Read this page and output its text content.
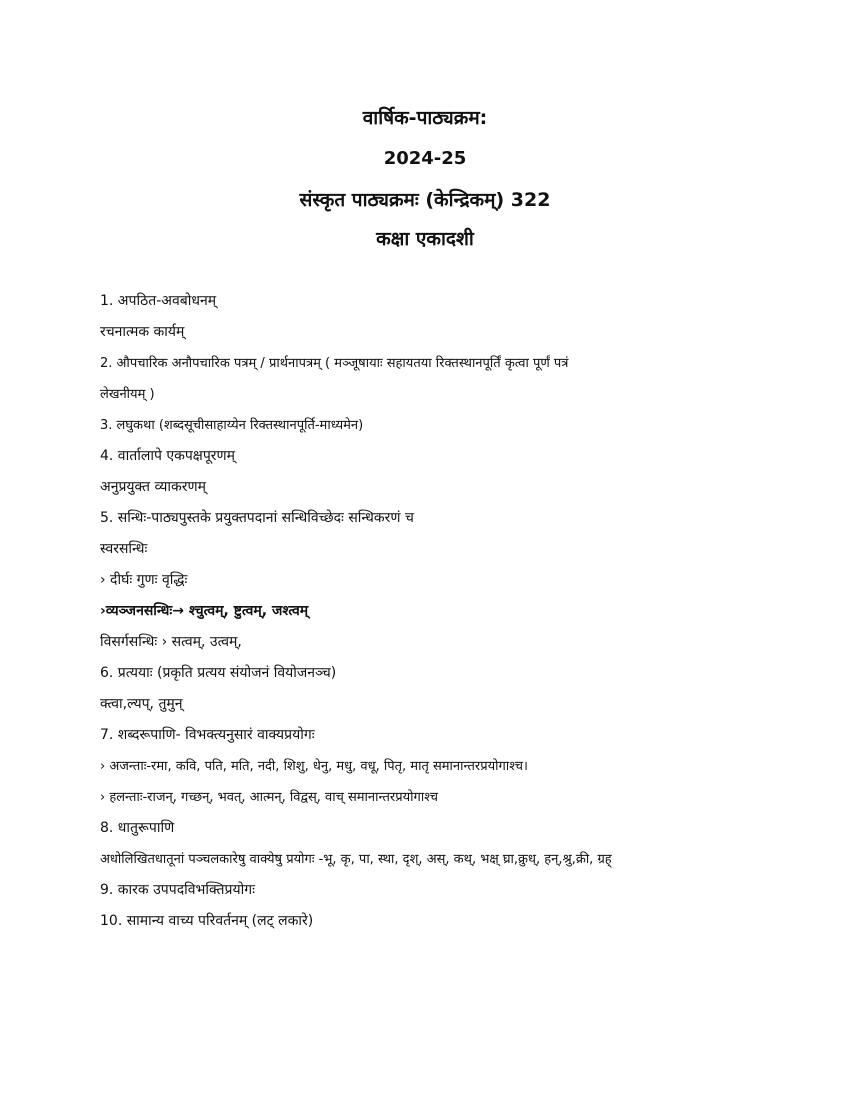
वार्षिक-पाठ्यक्रम:

2024-25

संस्कृत पाठ्यक्रमः (केन्द्रिकम्) 322

कक्षा एकादशी

1. अपठित-अवबोधनम्
रचनात्मक कार्यम्
2. औपचारिक अनौपचारिक पत्रम् / प्रार्थनापत्रम् ( मञ्जूषायाः सहायतया रिक्तस्थानपूर्तिं कृत्वा पूर्णं पत्रं
लेखनीयम् )
3. लघुकथा (शब्दसूचीसाहाय्येन रिक्तस्थानपूर्ति-माध्यमेन)
4. वार्तालापे एकपक्षपूरणम्
अनुप्रयुक्त व्याकरणम्
5. सन्धिः-पाठ्यपुस्तके प्रयुक्तपदानां सन्धिविच्छेदः सन्धिकरणं च
स्वरसन्धिः
› दीर्घः गुणः वृद्धिः
›व्यञ्जनसन्धिः→ श्चुत्वम्, ष्टुत्वम्, जश्त्वम्
विसर्गसन्धिः › सत्वम्, उत्वम्,
6. प्रत्ययाः (प्रकृति प्रत्यय संयोजनं वियोजनञ्च)
क्त्वा,ल्यप्, तुमुन्
7. शब्दरूपाणि- विभक्त्यनुसारं वाक्यप्रयोगः
› अजन्ताः-रमा, कवि, पति, मति, नदी, शिशु, धेनु, मधु, वधू, पितृ, मातृ समानान्तरप्रयोगाश्च।
› हलन्ताः-राजन्, गच्छन्, भवत्, आत्मन्, विद्वस्, वाच् समानान्तरप्रयोगाश्च
8. धातुरूपाणि
अधोलिखितधातूनां पञ्चलकारेषु वाक्येषु प्रयोगः -भू, कृ, पा, स्था, दृश्, अस्, कथ्, भक्ष् घ्रा,क्रुध्, हन्,श्रु,क्री, ग्रह्
9. कारक उपपदविभक्तिप्रयोगः
10. सामान्य वाच्य परिवर्तनम् (लट् लकारे)
